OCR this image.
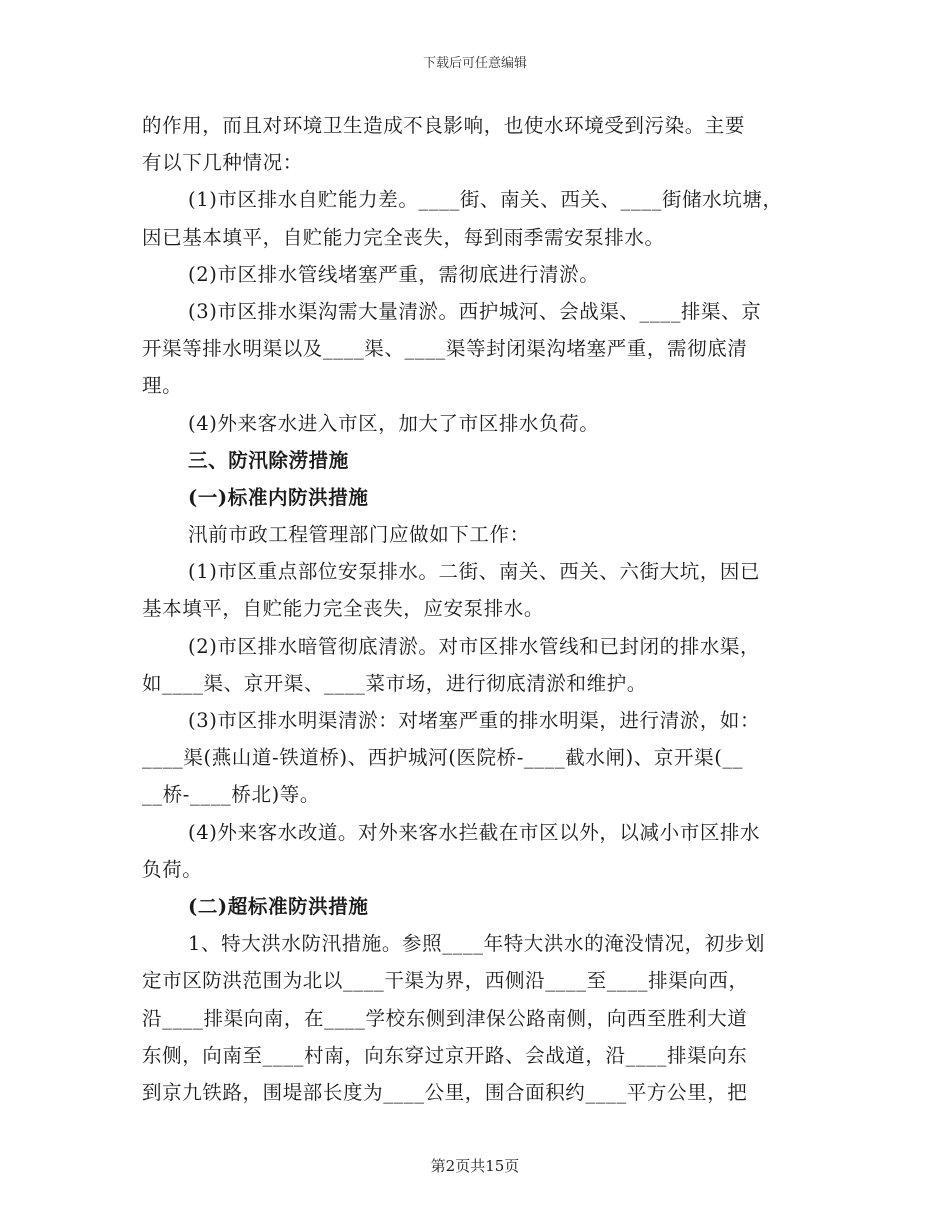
下载后可任意编辑
的作用，而且对环境卫生造成不良影响，也使水环境受到污染。主要
有以下几种情况：
(1)市区排水自贮能力差。____街、南关、西关、____街储水坑塘，
因已基本填平，自贮能力完全丧失，每到雨季需安泵排水。
(2)市区排水管线堵塞严重，需彻底进行清淤。
(3)市区排水渠沟需大量清淤。西护城河、会战渠、____排渠、京
开渠等排水明渠以及____渠、____渠等封闭渠沟堵塞严重，需彻底清
理。
(4)外来客水进入市区，加大了市区排水负荷。
三、防汛除涝措施
(一)标准内防洪措施
汛前市政工程管理部门应做如下工作：
(1)市区重点部位安泵排水。二街、南关、西关、六街大坑，因已
基本填平，自贮能力完全丧失，应安泵排水。
(2)市区排水暗管彻底清淤。对市区排水管线和已封闭的排水渠，
如____渠、京开渠、____菜市场，进行彻底清淤和维护。
(3)市区排水明渠清淤：对堵塞严重的排水明渠，进行清淤，如：
____渠(燕山道-铁道桥)、西护城河(医院桥-____截水闸)、京开渠(__
__桥-____桥北)等。
(4)外来客水改道。对外来客水拦截在市区以外，以减小市区排水
负荷。
(二)超标准防洪措施
1、特大洪水防汛措施。参照____年特大洪水的淹没情况，初步划
定市区防洪范围为北以____干渠为界，西侧沿____至____排渠向西，
沿____排渠向南，在____学校东侧到津保公路南侧，向西至胜利大道
东侧，向南至____村南，向东穿过京开路、会战道，沿____排渠向东
到京九铁路，围堤部长度为____公里，围合面积约____平方公里，把
第2页共15页
